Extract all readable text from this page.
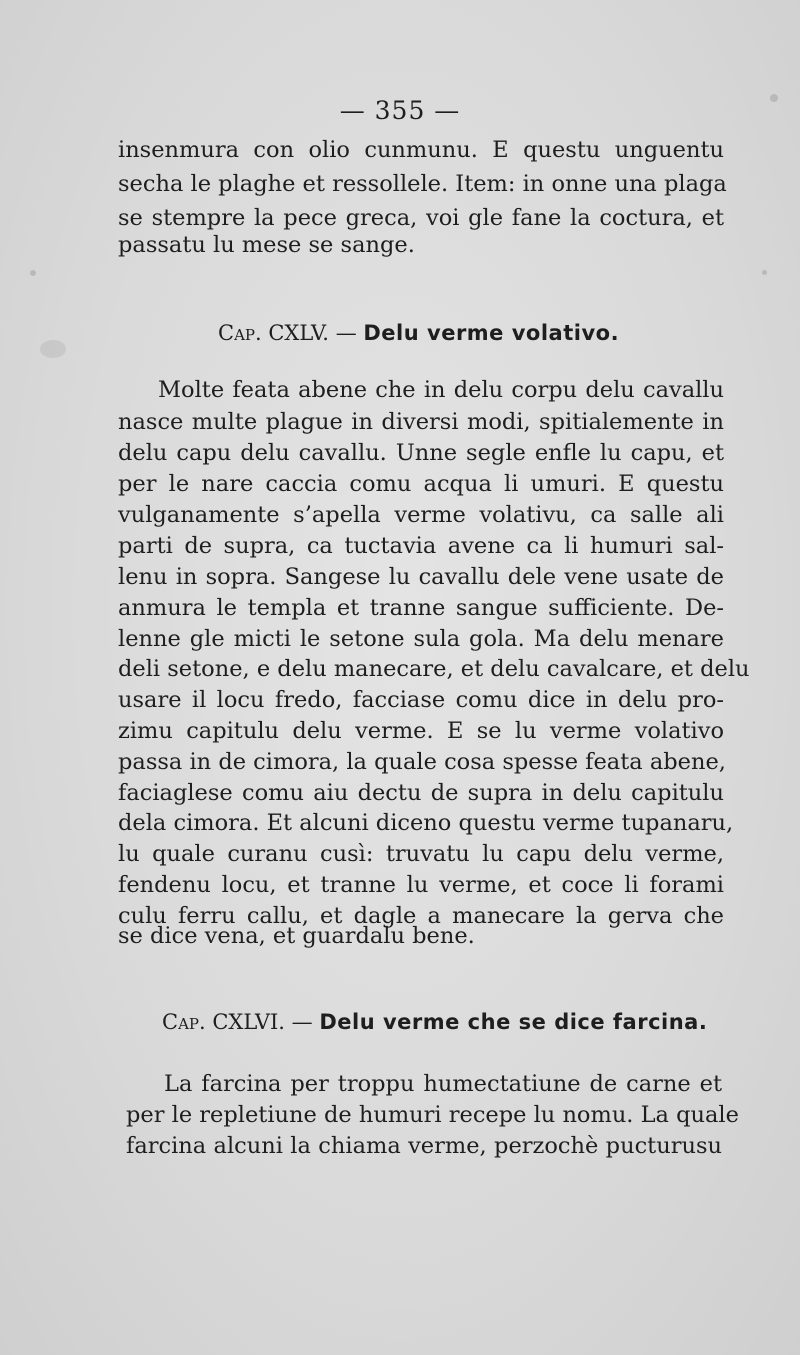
— 355 —
insenmura con olio cunmunu. E questu unguentu
secha le plaghe et ressollele. Item: in onne una plaga
se stempre la pece greca, voi gle fane la coctura, et
passatu lu mese se sange.
Cap. CXLV. — Delu verme volativo.
Molte feata abene che in delu corpu delu cavallu
nasce multe plague in diversi modi, spitialemente in
delu capu delu cavallu. Unne segle enfle lu capu, et
per le nare caccia comu acqua li umuri. E questu
vulganamente s’apella verme volativu, ca salle ali
parti de supra, ca tuctavia avene ca li humuri sal-
lenu in sopra. Sangese lu cavallu dele vene usate de
anmura le templa et tranne sangue sufficiente. De-
lenne gle micti le setone sula gola. Ma delu menare
deli setone, e delu manecare, et delu cavalcare, et delu
usare il locu fredo, facciase comu dice in delu pro-
zimu capitulu delu verme. E se lu verme volativo
passa in de cimora, la quale cosa spesse feata abene,
faciaglese comu aiu dectu de supra in delu capitulu
dela cimora. Et alcuni diceno questu verme tupanaru,
lu quale curanu cusì: truvatu lu capu delu verme,
fendenu locu, et tranne lu verme, et coce li forami
culu ferru callu, et dagle a manecare la gerva che
se dice vena, et guardalu bene.
Cap. CXLVI. — Delu verme che se dice farcina.
La farcina per troppu humectatiune de carne et
per le repletiune de humuri recepe lu nomu. La quale
farcina alcuni la chiama verme, perzochè pucturusu
